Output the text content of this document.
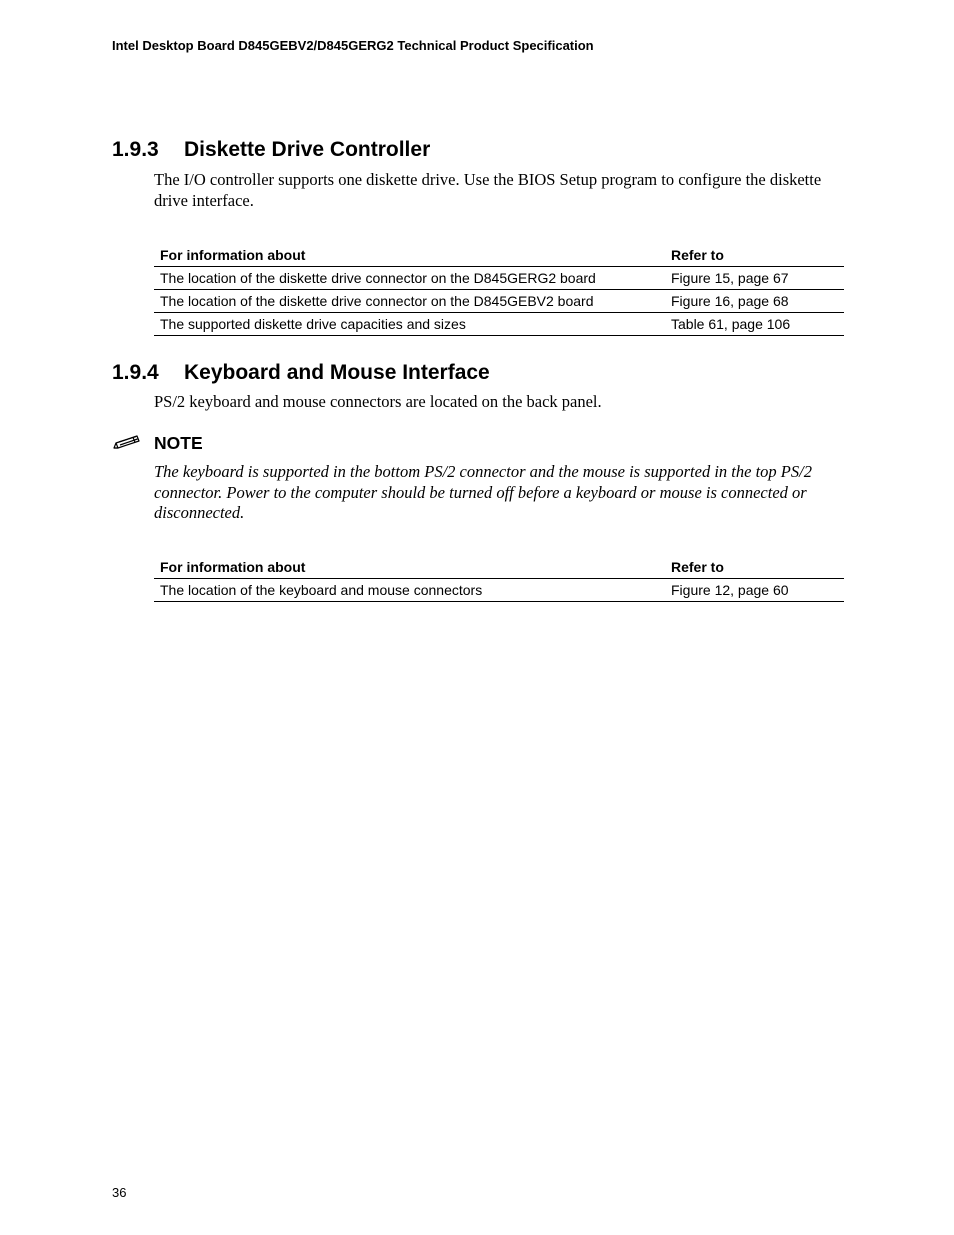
Intel Desktop Board D845GEBV2/D845GERG2 Technical Product Specification
1.9.3 Diskette Drive Controller

The I/O controller supports one diskette drive. Use the BIOS Setup program to configure the diskette drive interface.

For information about	Refer to
The location of the diskette drive connector on the D845GERG2 board	Figure 15, page 67
The location of the diskette drive connector on the D845GEBV2 board	Figure 16, page 68
The supported diskette drive capacities and sizes	Table 61, page 106
1.9.4 Keyboard and Mouse Interface

PS/2 keyboard and mouse connectors are located on the back panel.

NOTE

The keyboard is supported in the bottom PS/2 connector and the mouse is supported in the top PS/2 connector. Power to the computer should be turned off before a keyboard or mouse is connected or disconnected.

For information about	Refer to
The location of the keyboard and mouse connectors	Figure 12, page 60
36
